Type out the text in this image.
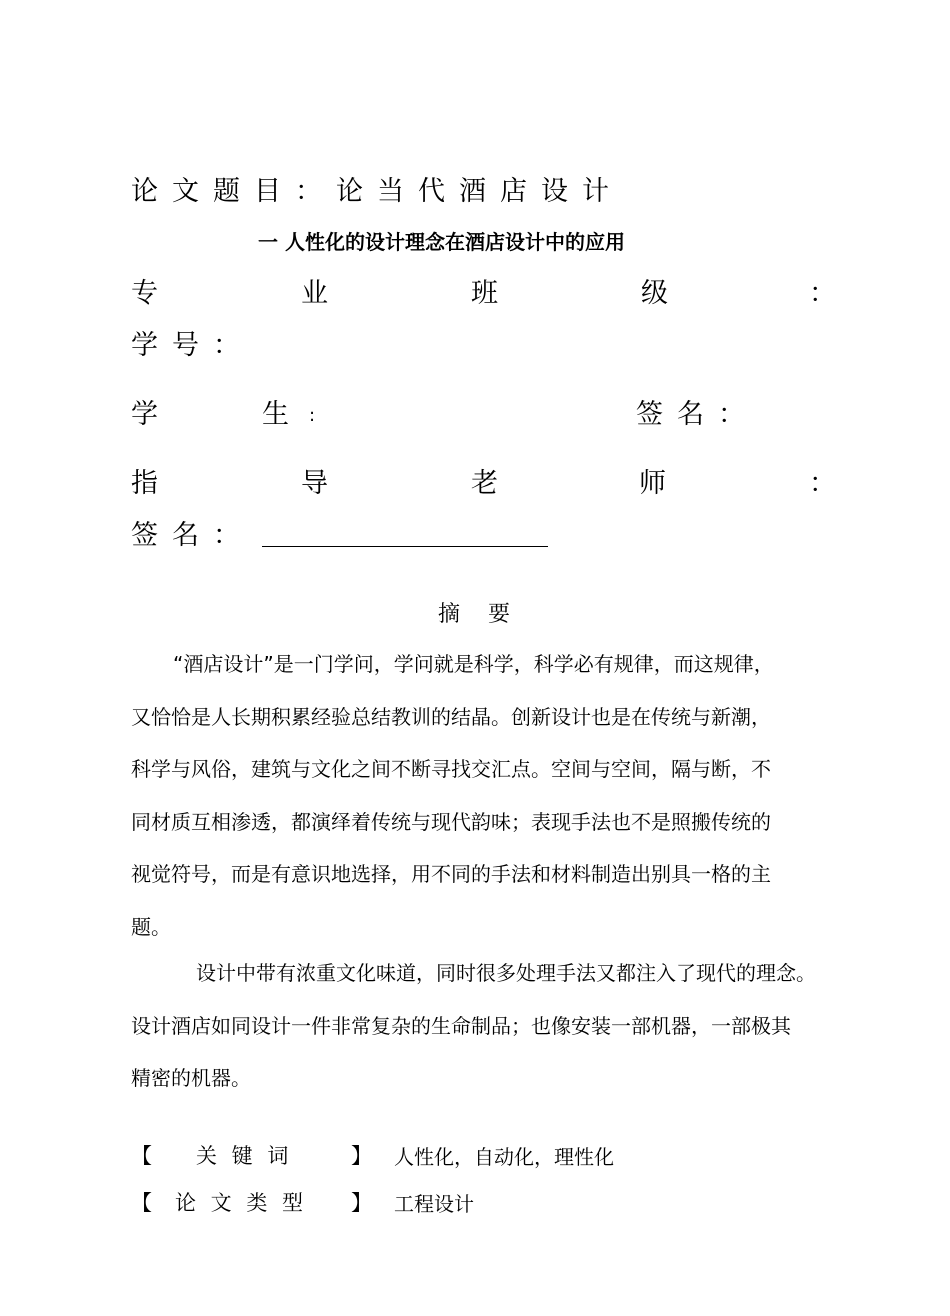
论文题目：论当代酒店设计
一 人性化的设计理念在酒店设计中的应用
专	业	班	级	：
学号：
学	生 :	签名：
指	导	老	师	：
签名：
摘要

“酒店设计”是一门学问，学问就是科学，科学必有规律，而这规律，

又恰恰是人长期积累经验总结教训的结晶。创新设计也是在传统与新潮，

科学与风俗，建筑与文化之间不断寻找交汇点。空间与空间，隔与断，不

同材质互相渗透，都演绎着传统与现代韵味；表现手法也不是照搬传统的

视觉符号，而是有意识地选择，用不同的手法和材料制造出别具一格的主

题。

设计中带有浓重文化味道，同时很多处理手法又都注入了现代的理念。

设计酒店如同设计一件非常复杂的生命制品；也像安装一部机器，一部极其

精密的机器。

【 关 键 词	】 人性化，自动化，理性化
【 论 文 类 型 】 工程设计
